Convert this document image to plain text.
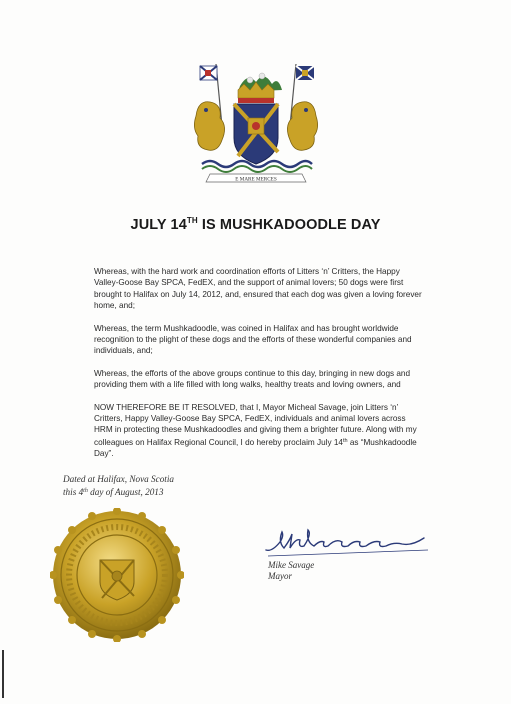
E MARE MERCES
JULY 14TH IS MUSHKADOODLE DAY

Whereas, with the hard work and coordination efforts of Litters ‘n’ Critters, the Happy Valley-Goose Bay SPCA, FedEX, and the support of animal lovers; 50 dogs were first brought to Halifax on July 14, 2012, and, ensured that each dog was given a loving forever home, and;

Whereas, the term Mushkadoodle, was coined in Halifax and has brought worldwide recognition to the plight of these dogs and the efforts of these wonderful companies and individuals, and;

Whereas, the efforts of the above groups continue to this day, bringing in new dogs and providing them with a life filled with long walks, healthy treats and loving owners, and

NOW THEREFORE BE IT RESOLVED, that I, Mayor Micheal Savage, join Litters ‘n’ Critters, Happy Valley-Goose Bay SPCA, FedEX, individuals and animal lovers across HRM in protecting these Mushkadoodles and giving them a brighter future. Along with my colleagues on Halifax Regional Council, I do hereby proclaim July 14th as “Mushkadoodle Day”.

Dated at Halifax, Nova Scotia
this 4th day of August, 2013
Mike Savage
Mayor
